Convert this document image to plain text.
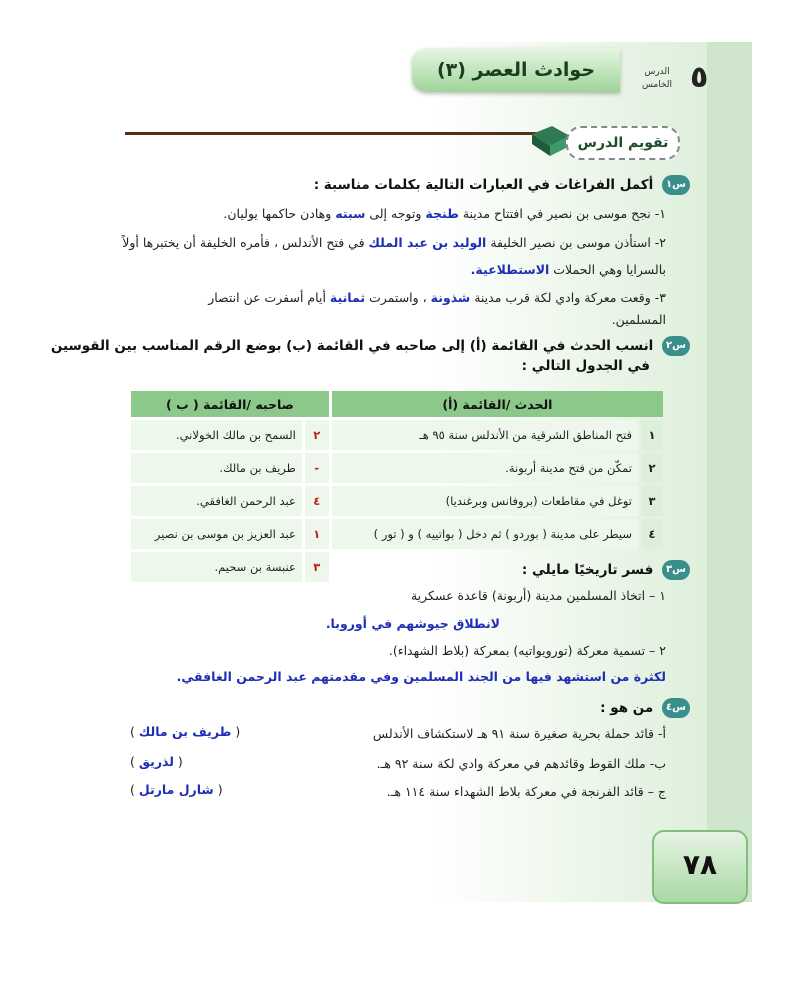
٥
الدرس
الخامس
حوادث العصر (٣)
تقويم الدرس
س١ أكمل الفراغات في العبارات التالية بكلمات مناسبة :
١- نجح موسى بن نصير في افتتاح مدينة طنجة وتوجه إلى سبته وهادن حاكمها يوليان.
٢- استأذن موسى بن نصير الخليفة الوليد بن عبد الملك في فتح الأندلس ، فأمره الخليفة أن يختبرها أولاً
بالسرايا وهي الحملات الاستطلاعية.
٣- وقعت معركة وادي لكة قرب مدينة شذونة ، واستمرت ثمانية أيام أسفرت عن انتصار
المسلمين.
س٢ انسب الحدث في القائمة (أ) إلى صاحبه في القائمة (ب) بوضع الرقم المناسب بين القوسين
في الجدول التالي :
الحدث /القائمة (أ)		صاحبه /القائمة ( ب )	
١	فتح المناطق الشرقية من الأندلس سنة ٩٥ هـ	٢	السمح بن مالك الخولاني.
٢	تمكّن من فتح مدينة أربونة.	-	طريف بن مالك.
٣	توغل في مقاطعات (بروفانس وبرغنديا)	٤	عبد الرحمن الغافقي.
٤	سيطر على مدينة ( بوردو ) ثم دخل ( بواتييه ) و ( تور )	١	عبد العزيز بن موسى بن نصير
		٣	عنبسة بن سحيم.	س٣ فسر تاريخيًا مايلي :
١ – اتخاذ المسلمين مدينة (أربونة) قاعدة عسكرية
لانطلاق جيوشهم في أوروبا.
٢ – تسمية معركة (تورويواتيه) بمعركة (بلاط الشهداء).
لكثرة من استشهد فيها من الجند المسلمين وفي مقدمتهم عبد الرحمن الغافقي.
س٤ من هو :
أ- قائد حملة بحرية صغيرة سنة ٩١ هـ لاستكشاف الأندلس
( طريف بن مالك )
ب- ملك القوط وقائدهم في معركة وادي لكة سنة ٩٢ هـ.
( لذريق )
ج – قائد الفرنجة في معركة بلاط الشهداء سنة ١١٤ هـ.
( شارل مارتل )
٧٨
